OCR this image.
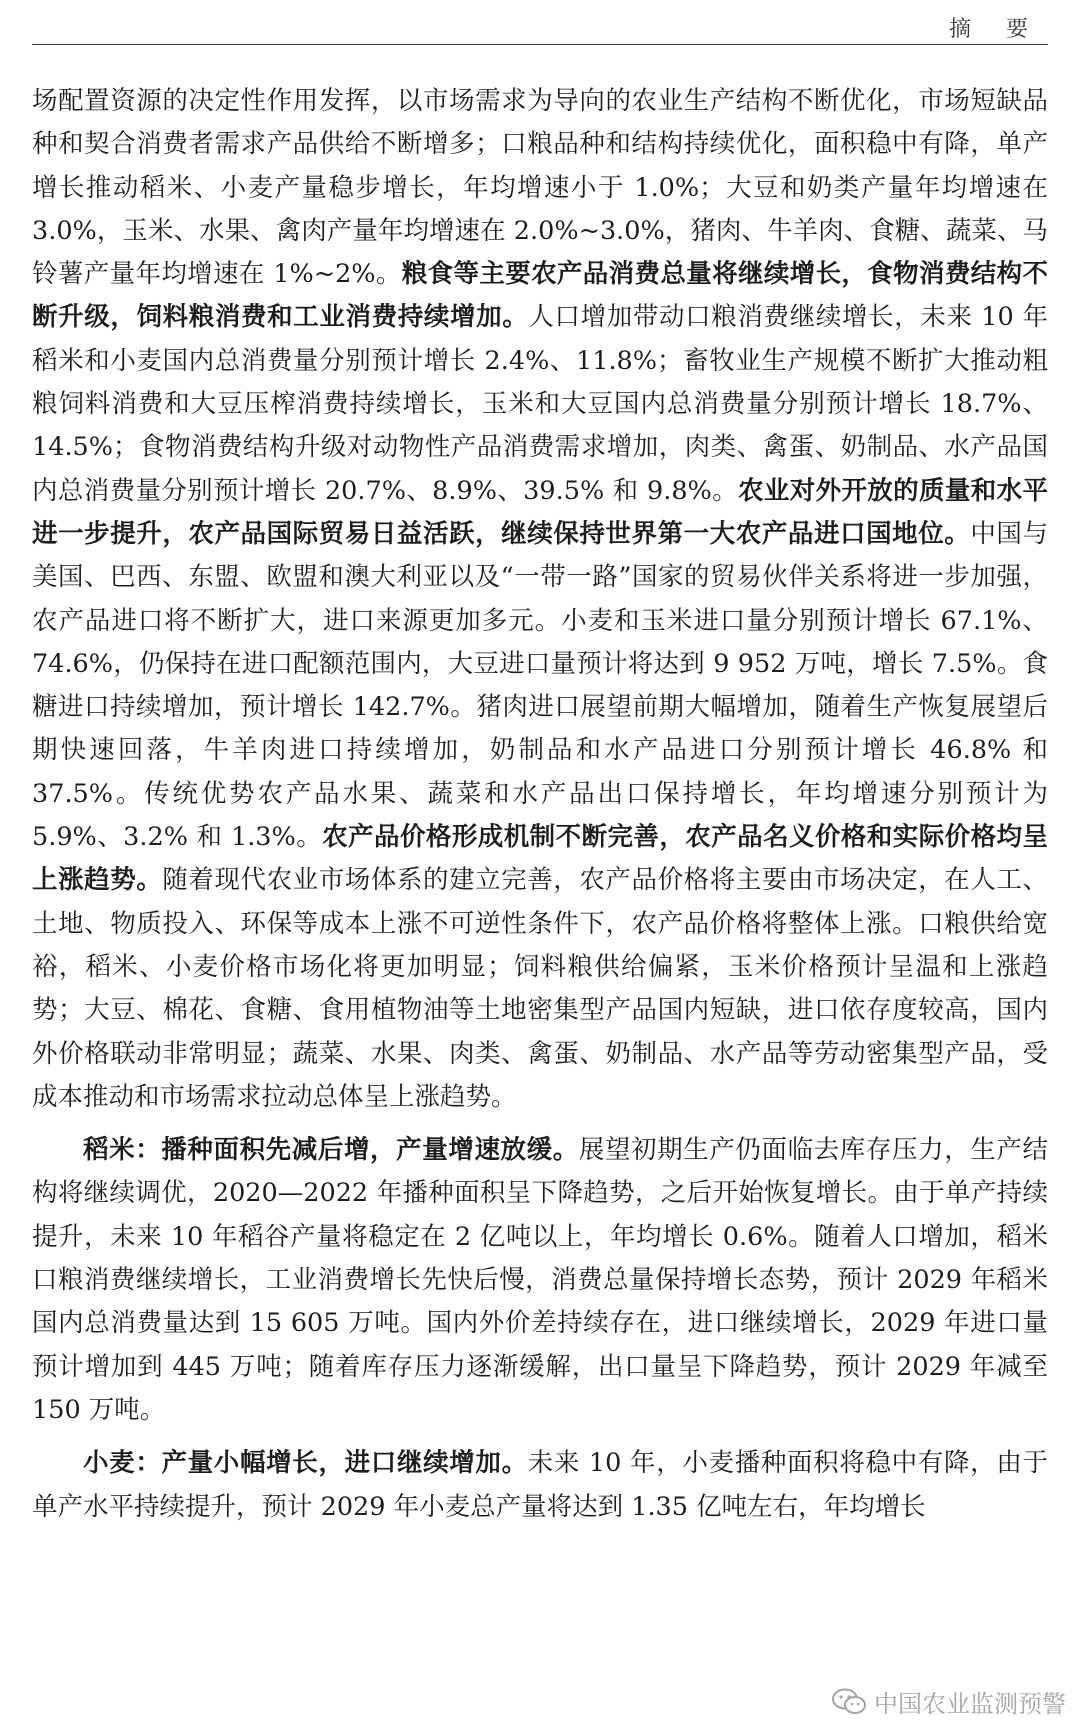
摘 要

场配置资源的决定性作用发挥，以市场需求为导向的农业生产结构不断优化，市场短缺品种和契合消费者需求产品供给不断增多；口粮品种和结构持续优化，面积稳中有降，单产增长推动稻米、小麦产量稳步增长，年均增速小于 1.0%；大豆和奶类产量年均增速在 3.0%，玉米、水果、禽肉产量年均增速在 2.0%~3.0%，猪肉、牛羊肉、食糖、蔬菜、马铃薯产量年均增速在 1%~2%。粮食等主要农产品消费总量将继续增长，食物消费结构不断升级，饲料粮消费和工业消费持续增加。人口增加带动口粮消费继续增长，未来 10 年稻米和小麦国内总消费量分别预计增长 2.4%、11.8%；畜牧业生产规模不断扩大推动粗粮饲料消费和大豆压榨消费持续增长，玉米和大豆国内总消费量分别预计增长 18.7%、14.5%；食物消费结构升级对动物性产品消费需求增加，肉类、禽蛋、奶制品、水产品国内总消费量分别预计增长 20.7%、8.9%、39.5% 和 9.8%。农业对外开放的质量和水平进一步提升，农产品国际贸易日益活跃，继续保持世界第一大农产品进口国地位。中国与美国、巴西、东盟、欧盟和澳大利亚以及“一带一路”国家的贸易伙伴关系将进一步加强，农产品进口将不断扩大，进口来源更加多元。小麦和玉米进口量分别预计增长 67.1%、74.6%，仍保持在进口配额范围内，大豆进口量预计将达到 9 952 万吨，增长 7.5%。食糖进口持续增加，预计增长 142.7%。猪肉进口展望前期大幅增加，随着生产恢复展望后期快速回落，牛羊肉进口持续增加，奶制品和水产品进口分别预计增长 46.8% 和 37.5%。传统优势农产品水果、蔬菜和水产品出口保持增长，年均增速分别预计为 5.9%、3.2% 和 1.3%。农产品价格形成机制不断完善，农产品名义价格和实际价格均呈上涨趋势。随着现代农业市场体系的建立完善，农产品价格将主要由市场决定，在人工、土地、物质投入、环保等成本上涨不可逆性条件下，农产品价格将整体上涨。口粮供给宽裕，稻米、小麦价格市场化将更加明显；饲料粮供给偏紧，玉米价格预计呈温和上涨趋势；大豆、棉花、食糖、食用植物油等土地密集型产品国内短缺，进口依存度较高，国内外价格联动非常明显；蔬菜、水果、肉类、禽蛋、奶制品、水产品等劳动密集型产品，受成本推动和市场需求拉动总体呈上涨趋势。

稻米：播种面积先减后增，产量增速放缓。展望初期生产仍面临去库存压力，生产结构将继续调优，2020—2022 年播种面积呈下降趋势，之后开始恢复增长。由于单产持续提升，未来 10 年稻谷产量将稳定在 2 亿吨以上，年均增长 0.6%。随着人口增加，稻米口粮消费继续增长，工业消费增长先快后慢，消费总量保持增长态势，预计 2029 年稻米国内总消费量达到 15 605 万吨。国内外价差持续存在，进口继续增长，2029 年进口量预计增加到 445 万吨；随着库存压力逐渐缓解，出口量呈下降趋势，预计 2029 年减至 150 万吨。

小麦：产量小幅增长，进口继续增加。未来 10 年，小麦播种面积将稳中有降，由于单产水平持续提升，预计 2029 年小麦总产量将达到 1.35 亿吨左右，年均增长

中国农业监测预警
